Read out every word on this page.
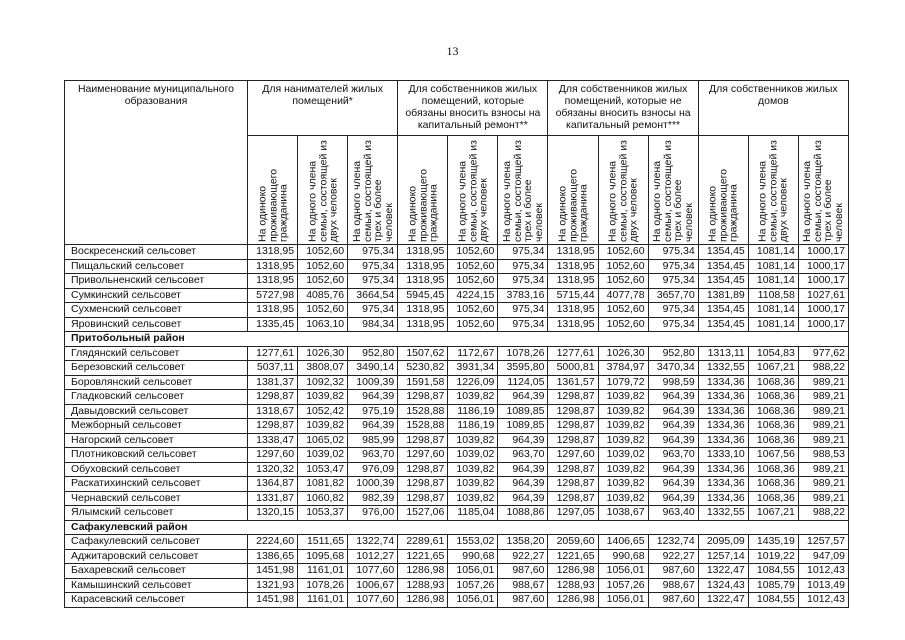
13
Наименование муниципального образования	Для нанимателей жилых помещений*			Для собственников жилых помещений, которые обязаны вносить взносы на капитальный ремонт**			Для собственников жилых помещений, которые не обязаны вносить взносы на капитальный ремонт***			Для собственников жилых домов		

	На одиноко проживающего гражданина	На одного члена семьи, состоящей из двух человек	На одного члена семьи, состоящей из трех и более человек	На одиноко проживающего гражданина	На одного члена семьи, состоящей из двух человек	На одного члена семьи, состоящей из трех и более человек	На одиноко проживающего гражданина	На одного члена семьи, состоящей из двух человек	На одного члена семьи, состоящей из трех и более человек	На одиноко проживающего гражданина	На одного члена семьи, состоящей из двух человек	На одного члена семьи, состоящей из трех и более человек

Воскресенский сельсовет	1318,95	1052,60	975,34	1318,95	1052,60	975,34	1318,95	1052,60	975,34	1354,45	1081,14	1000,17
Пищальский сельсовет	1318,95	1052,60	975,34	1318,95	1052,60	975,34	1318,95	1052,60	975,34	1354,45	1081,14	1000,17
Привольненский сельсовет	1318,95	1052,60	975,34	1318,95	1052,60	975,34	1318,95	1052,60	975,34	1354,45	1081,14	1000,17
Сумкинский сельсовет	5727,98	4085,76	3664,54	5945,45	4224,15	3783,16	5715,44	4077,78	3657,70	1381,89	1108,58	1027,61
Сухменский сельсовет	1318,95	1052,60	975,34	1318,95	1052,60	975,34	1318,95	1052,60	975,34	1354,45	1081,14	1000,17
Яровинский сельсовет	1335,45	1063,10	984,34	1318,95	1052,60	975,34	1318,95	1052,60	975,34	1354,45	1081,14	1000,17
Притобольный район												
Глядянский сельсовет	1277,61	1026,30	952,80	1507,62	1172,67	1078,26	1277,61	1026,30	952,80	1313,11	1054,83	977,62
Березовский сельсовет	5037,11	3808,07	3490,14	5230,82	3931,34	3595,80	5000,81	3784,97	3470,34	1332,55	1067,21	988,22
Боровлянский сельсовет	1381,37	1092,32	1009,39	1591,58	1226,09	1124,05	1361,57	1079,72	998,59	1334,36	1068,36	989,21
Гладковский сельсовет	1298,87	1039,82	964,39	1298,87	1039,82	964,39	1298,87	1039,82	964,39	1334,36	1068,36	989,21
Давыдовский сельсовет	1318,67	1052,42	975,19	1528,88	1186,19	1089,85	1298,87	1039,82	964,39	1334,36	1068,36	989,21
Межборный сельсовет	1298,87	1039,82	964,39	1528,88	1186,19	1089,85	1298,87	1039,82	964,39	1334,36	1068,36	989,21
Нагорский сельсовет	1338,47	1065,02	985,99	1298,87	1039,82	964,39	1298,87	1039,82	964,39	1334,36	1068,36	989,21
Плотниковский сельсовет	1297,60	1039,02	963,70	1297,60	1039,02	963,70	1297,60	1039,02	963,70	1333,10	1067,56	988,53
Обуховский сельсовет	1320,32	1053,47	976,09	1298,87	1039,82	964,39	1298,87	1039,82	964,39	1334,36	1068,36	989,21
Раскатихинский сельсовет	1364,87	1081,82	1000,39	1298,87	1039,82	964,39	1298,87	1039,82	964,39	1334,36	1068,36	989,21
Чернавский сельсовет	1331,87	1060,82	982,39	1298,87	1039,82	964,39	1298,87	1039,82	964,39	1334,36	1068,36	989,21
Ялымский сельсовет	1320,15	1053,37	976,00	1527,06	1185,04	1088,86	1297,05	1038,67	963,40	1332,55	1067,21	988,22
Сафакулевский район												
Сафакулевский сельсовет	2224,60	1511,65	1322,74	2289,61	1553,02	1358,20	2059,60	1406,65	1232,74	2095,09	1435,19	1257,57
Аджитаровский сельсовет	1386,65	1095,68	1012,27	1221,65	990,68	922,27	1221,65	990,68	922,27	1257,14	1019,22	947,09
Бахаревский сельсовет	1451,98	1161,01	1077,60	1286,98	1056,01	987,60	1286,98	1056,01	987,60	1322,47	1084,55	1012,43
Камышинский сельсовет	1321,93	1078,26	1006,67	1288,93	1057,26	988,67	1288,93	1057,26	988,67	1324,43	1085,79	1013,49
Карасевский сельсовет	1451,98	1161,01	1077,60	1286,98	1056,01	987,60	1286,98	1056,01	987,60	1322,47	1084,55	1012,43
